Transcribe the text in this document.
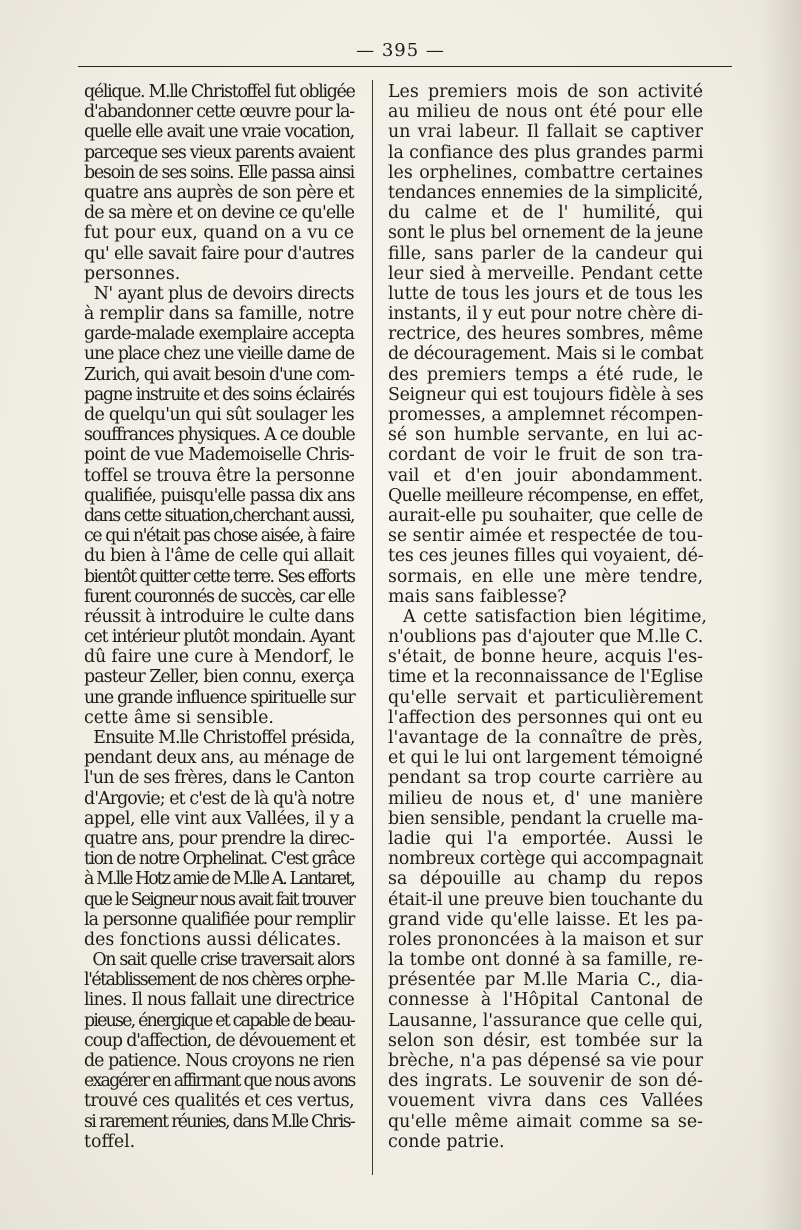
— 395 —
qélique. M.lle Christoffel fut obligée
d'abandonner cette œuvre pour la-
quelle elle avait une vraie vocation,
parceque ses vieux parents avaient
besoin de ses soins. Elle passa ainsi
quatre ans auprès de son père et
de sa mère et on devine ce qu'elle
fut pour eux, quand on a vu ce
qu' elle savait faire pour d'autres
personnes.
N' ayant plus de devoirs directs
à remplir dans sa famille, notre
garde-malade exemplaire accepta
une place chez une vieille dame de
Zurich, qui avait besoin d'une com-
pagne instruite et des soins éclairés
de quelqu'un qui sût soulager les
souffrances physiques. A ce double
point de vue Mademoiselle Chris-
toffel se trouva être la personne
qualifiée, puisqu'elle passa dix ans
dans cette situation,cherchant aussi,
ce qui n'était pas chose aisée, à faire
du bien à l'âme de celle qui allait
bientôt quitter cette terre. Ses efforts
furent couronnés de succès, car elle
réussit à introduire le culte dans
cet intérieur plutôt mondain. Ayant
dû faire une cure à Mendorf, le
pasteur Zeller, bien connu, exerça
une grande influence spirituelle sur
cette âme si sensible.
Ensuite M.lle Christoffel présida,
pendant deux ans, au ménage de
l'un de ses frères, dans le Canton
d'Argovie; et c'est de là qu'à notre
appel, elle vint aux Vallées, il y a
quatre ans, pour prendre la direc-
tion de notre Orphelinat. C'est grâce
à M.lle Hotz amie de M.lle A. Lantaret,
que le Seigneur nous avait fait trouver
la personne qualifiée pour remplir
des fonctions aussi délicates.
On sait quelle crise traversait alors
l'établissement de nos chères orphe-
lines. Il nous fallait une directrice
pieuse, énergique et capable de beau-
coup d'affection, de dévouement et
de patience. Nous croyons ne rien
exagérer en affirmant que nous avons
trouvé ces qualités et ces vertus,
si rarement réunies, dans M.lle Chris-
toffel.
Les premiers mois de son activité
au milieu de nous ont été pour elle
un vrai labeur. Il fallait se captiver
la confiance des plus grandes parmi
les orphelines, combattre certaines
tendances ennemies de la simplicité,
du calme et de l' humilité, qui
sont le plus bel ornement de la jeune
fille, sans parler de la candeur qui
leur sied à merveille. Pendant cette
lutte de tous les jours et de tous les
instants, il y eut pour notre chère di-
rectrice, des heures sombres, même
de découragement. Mais si le combat
des premiers temps a été rude, le
Seigneur qui est toujours fidèle à ses
promesses, a amplemnet récompen-
sé son humble servante, en lui ac-
cordant de voir le fruit de son tra-
vail et d'en jouir abondamment.
Quelle meilleure récompense, en effet,
aurait-elle pu souhaiter, que celle de
se sentir aimée et respectée de tou-
tes ces jeunes filles qui voyaient, dé-
sormais, en elle une mère tendre,
mais sans faiblesse?
A cette satisfaction bien légitime,
n'oublions pas d'ajouter que M.lle C.
s'était, de bonne heure, acquis l'es-
time et la reconnaissance de l'Eglise
qu'elle servait et particulièrement
l'affection des personnes qui ont eu
l'avantage de la connaître de près,
et qui le lui ont largement témoigné
pendant sa trop courte carrière au
milieu de nous et, d' une manière
bien sensible, pendant la cruelle ma-
ladie qui l'a emportée. Aussi le
nombreux cortège qui accompagnait
sa dépouille au champ du repos
était-il une preuve bien touchante du
grand vide qu'elle laisse. Et les pa-
roles prononcées à la maison et sur
la tombe ont donné à sa famille, re-
présentée par M.lle Maria C., dia-
connesse à l'Hôpital Cantonal de
Lausanne, l'assurance que celle qui,
selon son désir, est tombée sur la
brèche, n'a pas dépensé sa vie pour
des ingrats. Le souvenir de son dé-
vouement vivra dans ces Vallées
qu'elle même aimait comme sa se-
conde patrie.
